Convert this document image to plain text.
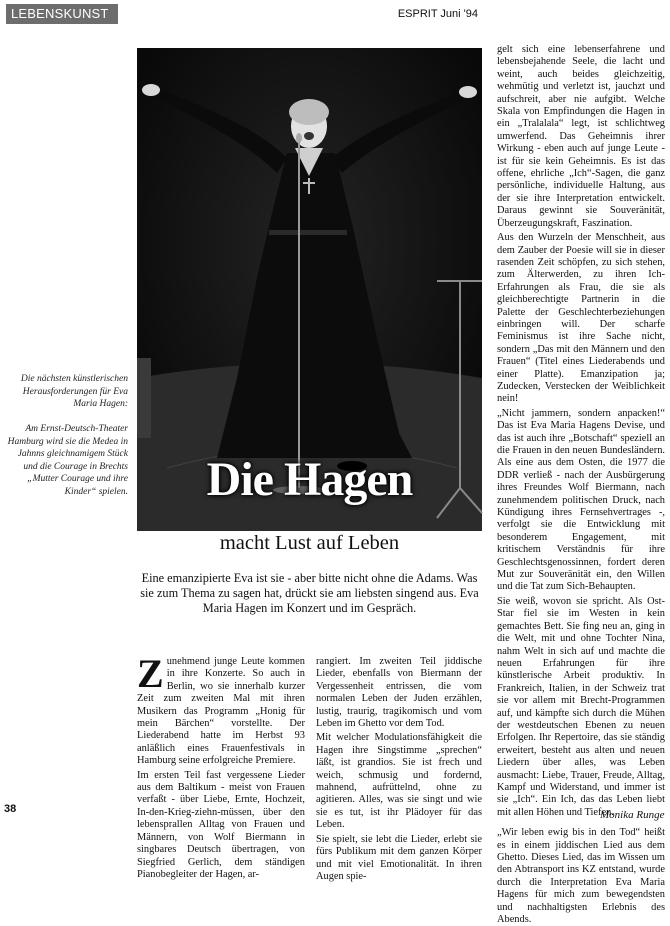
LEBENSKUNST	ESPRIT Juni '94
Die Hagen
Die nächsten künstlerischen Herausforderungen für Eva Maria Hagen:
Am Ernst-Deutsch-Theater Hamburg wird sie die Medea in Jahnns gleichnamigem Stück und die Courage in Brechts „Mutter Courage und ihre Kinder“ spielen.
macht Lust auf Leben
Eine emanzipierte Eva ist sie - aber bitte nicht ohne die Adams. Was sie zum Thema zu sagen hat, drückt sie am liebsten singend aus. Eva Maria Hagen im Konzert und im Gespräch.

Zunehmend junge Leute kommen in ihre Konzerte. So auch in Berlin, wo sie innerhalb kurzer Zeit zum zweiten Mal mit ihren Musikern das Programm „Honig für mein Bärchen“ vorstellte. Der Liederabend hatte im Herbst 93 anläßlich eines Frauenfestivals in Hamburg seine erfolgreiche Premiere.

Im ersten Teil fast vergessene Lieder aus dem Baltikum - meist von Frauen verfaßt - über Liebe, Ernte, Hochzeit, In-den-Krieg-ziehn-müssen, über den lebensprallen Alltag von Frauen und Männern, von Wolf Biermann in singbares Deutsch übertragen, von Siegfried Gerlich, dem ständigen Pianobegleiter der Hagen, ar-

rangiert. Im zweiten Teil jiddische Lieder, ebenfalls von Biermann der Vergessenheit entrissen, die vom normalen Leben der Juden erzählen, lustig, traurig, tragikomisch und vom Leben im Ghetto vor dem Tod.

Mit welcher Modulationsfähigkeit die Hagen ihre Singstimme „sprechen“ läßt, ist grandios. Sie ist frech und weich, schmusig und fordernd, mahnend, aufrüttelnd, ohne zu agitieren. Alles, was sie singt und wie sie es tut, ist ihr Plädoyer für das Leben.

Sie spielt, sie lebt die Lieder, erlebt sie fürs Publikum mit dem ganzen Körper und mit viel Emotionalität. In ihren Augen spie-

gelt sich eine lebenserfahrene und lebensbejahende Seele, die lacht und weint, auch beides gleichzeitig, wehmütig und verletzt ist, jauchzt und aufschreit, aber nie aufgibt. Welche Skala von Empfindungen die Hagen in ein „Tralalala“ legt, ist schlichtweg umwerfend. Das Geheimnis ihrer Wirkung - eben auch auf junge Leute - ist für sie kein Geheimnis. Es ist das offene, ehrliche „Ich“-Sagen, die ganz persönliche, individuelle Haltung, aus der sie ihre Interpretation entwickelt. Daraus gewinnt sie Souveränität, Überzeugungskraft, Faszination.

Aus den Wurzeln der Menschheit, aus dem Zauber der Poesie will sie in dieser rasenden Zeit schöpfen, zu sich stehen, zum Älterwerden, zu ihren Ich-Erfahrungen als Frau, die sie als gleichberechtigte Partnerin in die Palette der Geschlechterbeziehungen einbringen will. Der scharfe Feminismus ist ihre Sache nicht, sondern „Das mit den Männern und den Frauen“ (Titel eines Liederabends und einer Platte). Emanzipation ja; Zudecken, Verstecken der Weiblichkeit nein!

„Nicht jammern, sondern anpacken!“ Das ist Eva Maria Hagens Devise, und das ist auch ihre „Botschaft“ speziell an die Frauen in den neuen Bundesländern. Als eine aus dem Osten, die 1977 die DDR verließ - nach der Ausbürgerung ihres Freundes Wolf Biermann, nach zunehmendem politischen Druck, nach Kündigung ihres Fernsehvertrages -, verfolgt sie die Entwicklung mit besonderem Engagement, mit kritischem Verständnis für ihre Geschlechtsgenossinnen, fordert deren Mut zur Souveränität ein, den Willen und die Tat zum Sich-Behaupten.

Sie weiß, wovon sie spricht. Als Ost-Star fiel sie im Westen in kein gemachtes Bett. Sie fing neu an, ging in die Welt, mit und ohne Tochter Nina, nahm Welt in sich auf und machte die neuen Erfahrungen für ihre künstlerische Arbeit produktiv. In Frankreich, Italien, in der Schweiz trat sie vor allem mit Brecht-Programmen auf, und kämpfte sich durch die Mühen der westdeutschen Ebenen zu neuen Erfolgen. Ihr Repertoire, das sie ständig erweitert, besteht aus alten und neuen Liedern über alles, was Leben ausmacht: Liebe, Trauer, Freude, Alltag, Kampf und Widerstand, und immer ist sie „Ich“. Ein Ich, das das Leben liebt mit allen Höhen und Tiefen.

„Wir leben ewig bis in den Tod“ heißt es in einem jiddischen Lied aus dem Ghetto. Dieses Lied, das im Wissen um den Abtransport ins KZ entstand, wurde durch die Interpretation Eva Maria Hagens für mich zum bewegendsten und nachhaltigsten Erlebnis des Abends.

38	Monika Runge
